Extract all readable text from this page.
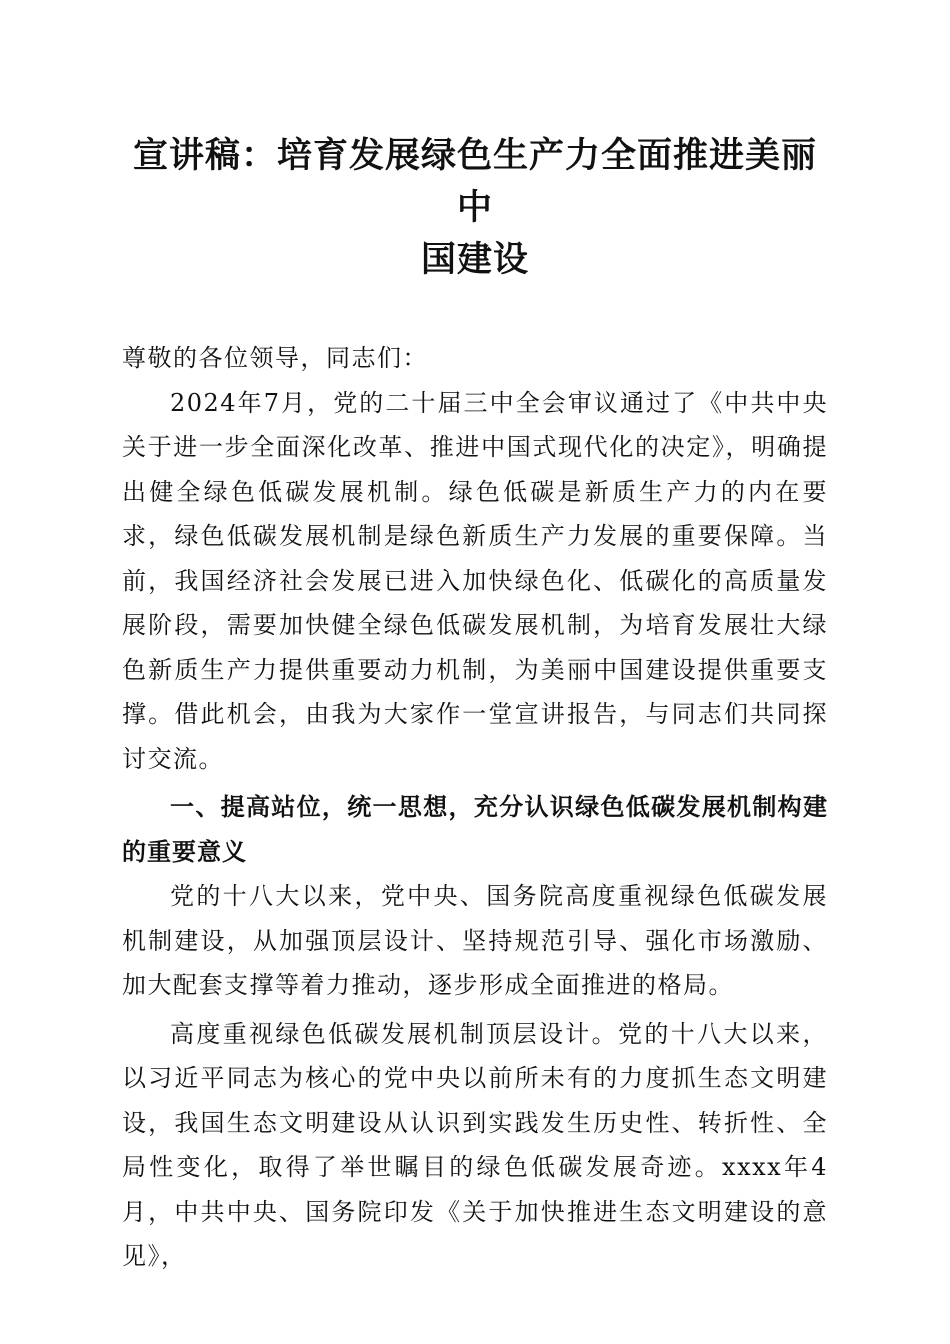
宣讲稿：培育发展绿色生产力全面推进美丽中
国建设

尊敬的各位领导，同志们：

2024年7月，党的二十届三中全会审议通过了《中共中央关于进一步全面深化改革、推进中国式现代化的决定》，明确提出健全绿色低碳发展机制。绿色低碳是新质生产力的内在要求，绿色低碳发展机制是绿色新质生产力发展的重要保障。当前，我国经济社会发展已进入加快绿色化、低碳化的高质量发展阶段，需要加快健全绿色低碳发展机制，为培育发展壮大绿色新质生产力提供重要动力机制，为美丽中国建设提供重要支撑。借此机会，由我为大家作一堂宣讲报告，与同志们共同探讨交流。

一、提高站位，统一思想，充分认识绿色低碳发展机制构建的重要意义

党的十八大以来，党中央、国务院高度重视绿色低碳发展机制建设，从加强顶层设计、坚持规范引导、强化市场激励、加大配套支撑等着力推动，逐步形成全面推进的格局。

高度重视绿色低碳发展机制顶层设计。党的十八大以来，以习近平同志为核心的党中央以前所未有的力度抓生态文明建设，我国生态文明建设从认识到实践发生历史性、转折性、全局性变化，取得了举世瞩目的绿色低碳发展奇迹。xxxx年4月，中共中央、国务院印发《关于加快推进生态文明建设的意见》，
